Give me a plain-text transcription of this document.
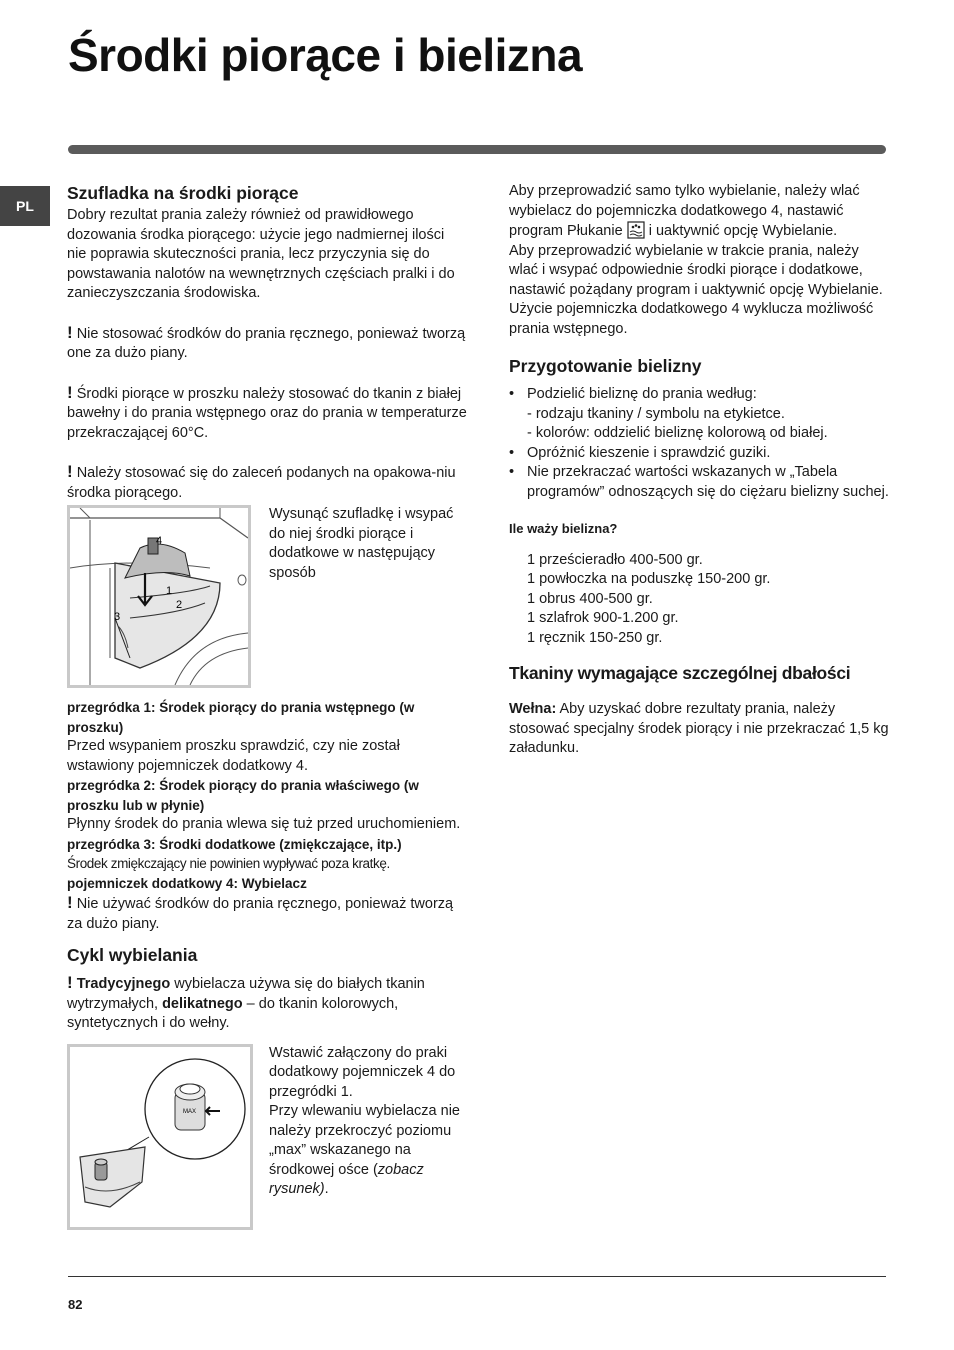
Środki piorące i bielizna
PL
Szufladka na środki piorące

Dobry rezultat prania zależy również od prawidłowego dozowania środka piorącego: użycie jego nadmiernej ilości nie poprawia skuteczności prania, lecz przyczynia się do powstawania nalotów na wewnętrznych częściach pralki i do zanieczyszczania środowiska.

! Nie stosować środków do prania ręcznego, ponieważ tworzą one za dużo piany.

! Środki piorące w proszku należy stosować do tkanin z białej bawełny i do prania wstępnego oraz do prania w temperaturze przekraczającej 60°C.

! Należy stosować się do zaleceń podanych na opakowa-niu środka piorącego.

4
1
2
3

Wysunąć szufladkę i wsypać do niej środki piorące i dodatkowe w następujący sposób

przegródka 1: Środek piorący do prania wstępnego (w proszku)

Przed wsypaniem proszku sprawdzić, czy nie został wstawiony pojemniczek dodatkowy 4.

przegródka 2: Środek piorący do prania właściwego (w proszku lub w płynie)

Płynny środek do prania wlewa się tuż przed uruchomieniem.

przegródka 3: Środki dodatkowe (zmiękczające, itp.)

Środek zmiękczający nie powinien wypływać poza kratkę.

pojemniczek dodatkowy 4: Wybielacz

! Nie używać środków do prania ręcznego, ponieważ tworzą za dużo piany.

Cykl wybielania

! Tradycyjnego wybielacza używa się do białych tkanin wytrzymałych, delikatnego – do tkanin kolorowych, syntetycznych i do wełny.

MAX

Wstawić załączony do praki dodatkowy pojemniczek 4 do przegródki 1.

Przy wlewaniu wybielacza nie należy przekroczyć poziomu „max” wskazanego na środkowej ośce (zobacz rysunek).

Aby przeprowadzić samo tylko wybielanie, należy wlać wybielacz do pojemniczka dodatkowego 4, nastawić program Płukanie  i uaktywnić opcję Wybielanie.

Aby przeprowadzić wybielanie w trakcie prania, należy wlać i wsypać odpowiednie środki piorące i dodatkowe, nastawić pożądany program i uaktywnić opcję Wybielanie.

Użycie pojemniczka dodatkowego 4 wyklucza możliwość prania wstępnego.

Przygotowanie bielizny

• Podzielić bieliznę do prania według:

- rodzaju tkaniny / symbolu na etykietce.

- kolorów: oddzielić bieliznę kolorową od białej.

• Opróżnić kieszenie i sprawdzić guziki.

• Nie przekraczać wartości wskazanych w „Tabela programów” odnoszących się do ciężaru bielizny suchej.

Ile waży bielizna?

1 prześcieradło 400-500 gr.

1 powłoczka na poduszkę 150-200 gr.

1 obrus 400-500 gr.

1 szlafrok 900-1.200 gr.

1 ręcznik 150-250 gr.

Tkaniny wymagające szczególnej dbałości

Wełna: Aby uzyskać dobre rezultaty prania, należy stosować specjalny środek piorący i nie przekraczać 1,5 kg załadunku.

82
